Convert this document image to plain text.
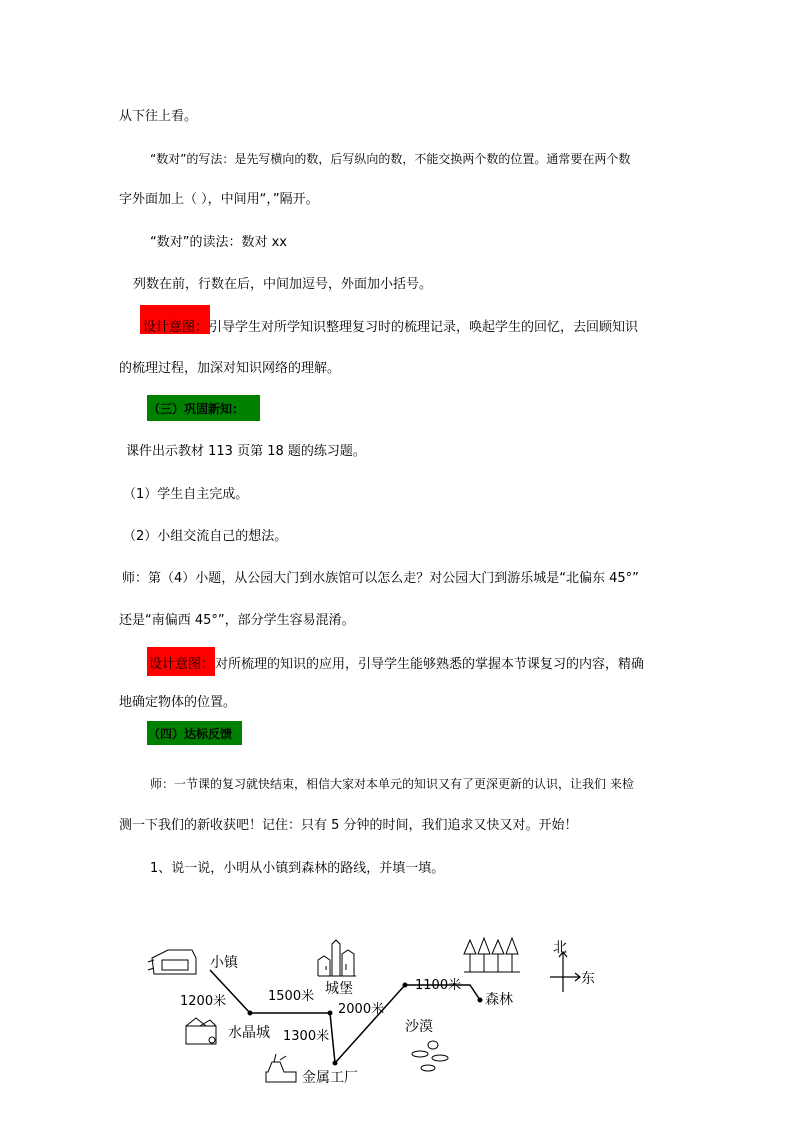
从下往上看。
“数对”的写法：是先写横向的数，后写纵向的数，不能交换两个数的位置。通常要在两个数
字外面加上（ ），中间用“，”隔开。
“数对”的读法：数对 xx
列数在前，行数在后，中间加逗号，外面加小括号。
设计意图： 引导学生对所学知识整理复习时的梳理记录，唤起学生的回忆，去回顾知识
的梳理过程，加深对知识网络的理解。
（三）巩固新知：
课件出示教材 113 页第 18 题的练习题。
（1）学生自主完成。
（2）小组交流自己的想法。
师：第（4）小题，从公园大门到水族馆可以怎么走？对公园大门到游乐城是“北偏东 45°”
还是“南偏西 45°”，部分学生容易混淆。
设计意图： 对所梳理的知识的应用，引导学生能够熟悉的掌握本节课复习的内容，精确
地确定物体的位置。
（四）达标反馈
师：一节课的复习就快结束，相信大家对本单元的知识又有了更深更新的认识，让我们 来检
测一下我们的新收获吧！记住：只有 5 分钟的时间，我们追求又快又对。开始！
1、说一说，小明从小镇到森林的路线，并填一填。
小镇
城堡
水晶城
金属工厂
沙漠
森林
北
东
1200米	1500米
2000米
1300米
1100米
